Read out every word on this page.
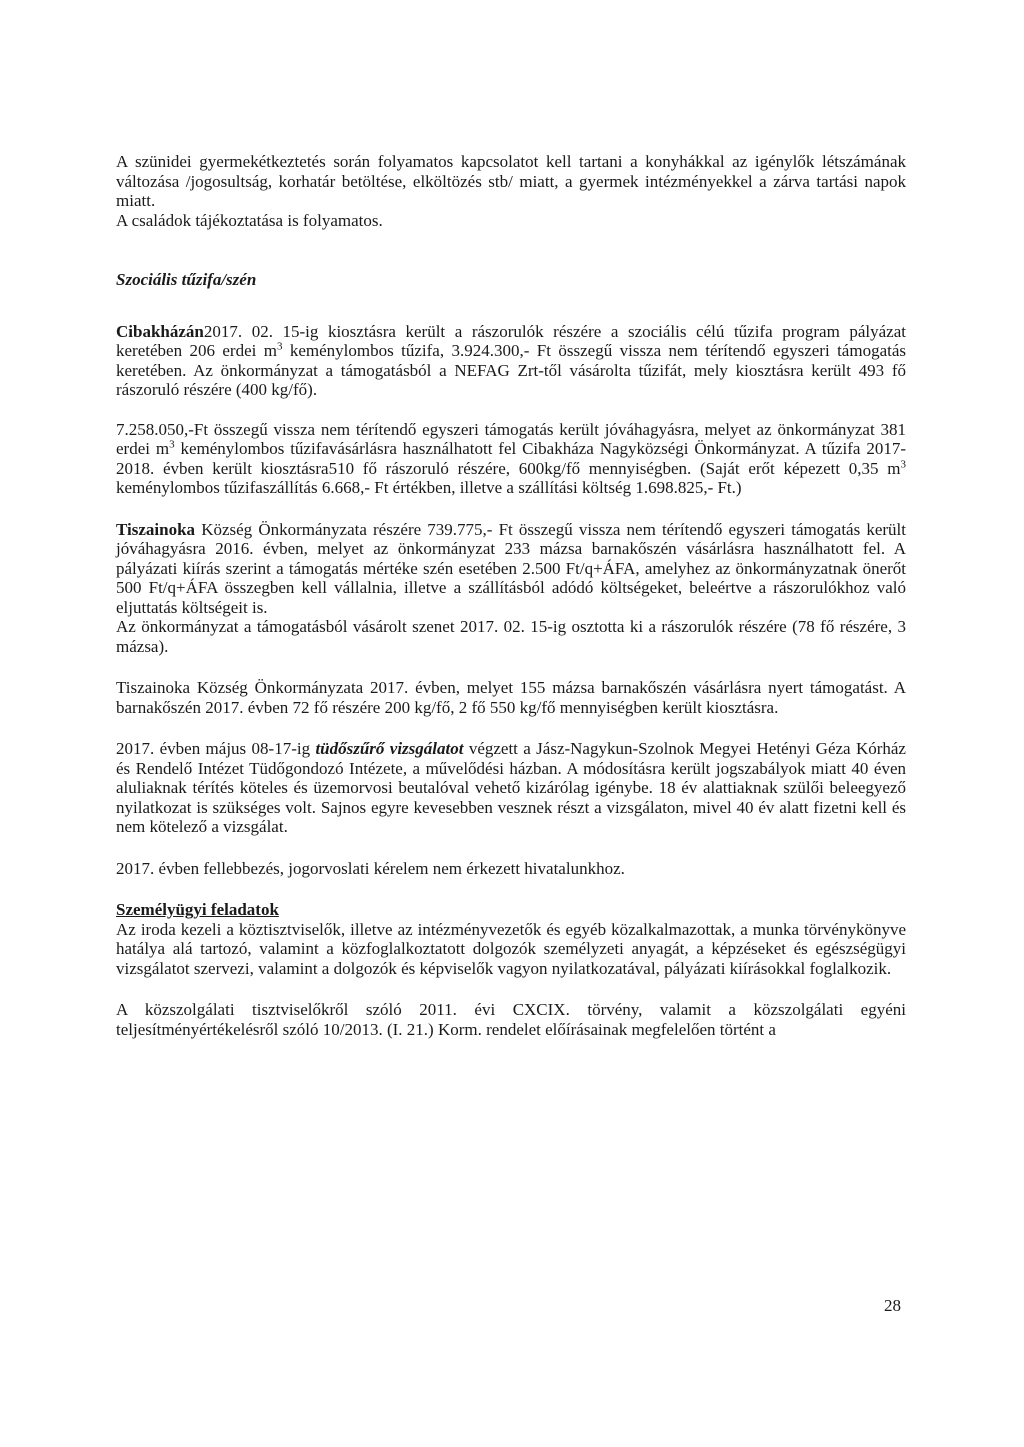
A szünidei gyermekétkeztetés során folyamatos kapcsolatot kell tartani a konyhákkal az igénylők létszámának változása /jogosultság, korhatár betöltése, elköltözés stb/ miatt, a gyermek intézményekkel a zárva tartási napok miatt.
A családok tájékoztatása is folyamatos.

Szociális tűzifa/szén

Cibakházán2017. 02. 15-ig kiosztásra került a rászorulók részére a szociális célú tűzifa program pályázat keretében 206 erdei $m^3$ keménylombos tűzifa, 3.924.300,- Ft összegű vissza nem térítendő egyszeri támogatás keretében. Az önkormányzat a támogatásból a NEFAG Zrt-től vásárolta tűzifát, mely kiosztásra került 493 fő rászoruló részére (400 kg/fő).

7.258.050,-Ft összegű vissza nem térítendő egyszeri támogatás került jóváhagyásra, melyet az önkormányzat 381 erdei $m^3$ keménylombos tűzifavásárlásra használhatott fel Cibakháza Nagyközségi Önkormányzat. A tűzifa 2017-2018. évben került kiosztásra510 fő rászoruló részére, 600kg/fő mennyiségben. (Saját erőt képezett 0,35 $m^3$ keménylombos tűzifaszállítás 6.668,- Ft értékben, illetve a szállítási költség 1.698.825,- Ft.)

Tiszainoka Község Önkormányzata részére 739.775,- Ft összegű vissza nem térítendő egyszeri támogatás került jóváhagyásra 2016. évben, melyet az önkormányzat 233 mázsa barnakőszén vásárlásra használhatott fel. A pályázati kiírás szerint a támogatás mértéke szén esetében 2.500 Ft/q+ÁFA, amelyhez az önkormányzatnak önerőt 500 Ft/q+ÁFA összegben kell vállalnia, illetve a szállításból adódó költségeket, beleértve a rászorulókhoz való eljuttatás költségeit is.
Az önkormányzat a támogatásból vásárolt szenet 2017. 02. 15-ig osztotta ki a rászorulók részére (78 fő részére, 3 mázsa).

Tiszainoka Község Önkormányzata 2017. évben, melyet 155 mázsa barnakőszén vásárlásra nyert támogatást. A barnakőszén 2017. évben 72 fő részére 200 kg/fő, 2 fő 550 kg/fő mennyiségben került kiosztásra.

2017. évben május 08-17-ig tüdőszűrő vizsgálatot végzett a Jász-Nagykun-Szolnok Megyei Hetényi Géza Kórház és Rendelő Intézet Tüdőgondozó Intézete, a művelődési házban. A módosításra került jogszabályok miatt 40 éven aluliaknak térítés köteles és üzemorvosi beutalóval vehető kizárólag igénybe. 18 év alattiaknak szülői beleegyező nyilatkozat is szükséges volt. Sajnos egyre kevesebben vesznek részt a vizsgálaton, mivel 40 év alatt fizetni kell és nem kötelező a vizsgálat.

2017. évben fellebbezés, jogorvoslati kérelem nem érkezett hivatalunkhoz.

Személyügyi feladatok

Az iroda kezeli a köztisztviselők, illetve az intézményvezetők és egyéb közalkalmazottak, a munka törvénykönyve hatálya alá tartozó, valamint a közfoglalkoztatott dolgozók személyzeti anyagát, a képzéseket és egészségügyi vizsgálatot szervezi, valamint a dolgozók és képviselők vagyon nyilatkozatával, pályázati kiírásokkal foglalkozik.

A közszolgálati tisztviselőkről szóló 2011. évi CXCIX. törvény, valamit a közszolgálati egyéni teljesítményértékelésről szóló 10/2013. (I. 21.) Korm. rendelet előírásainak megfelelően történt a

28
